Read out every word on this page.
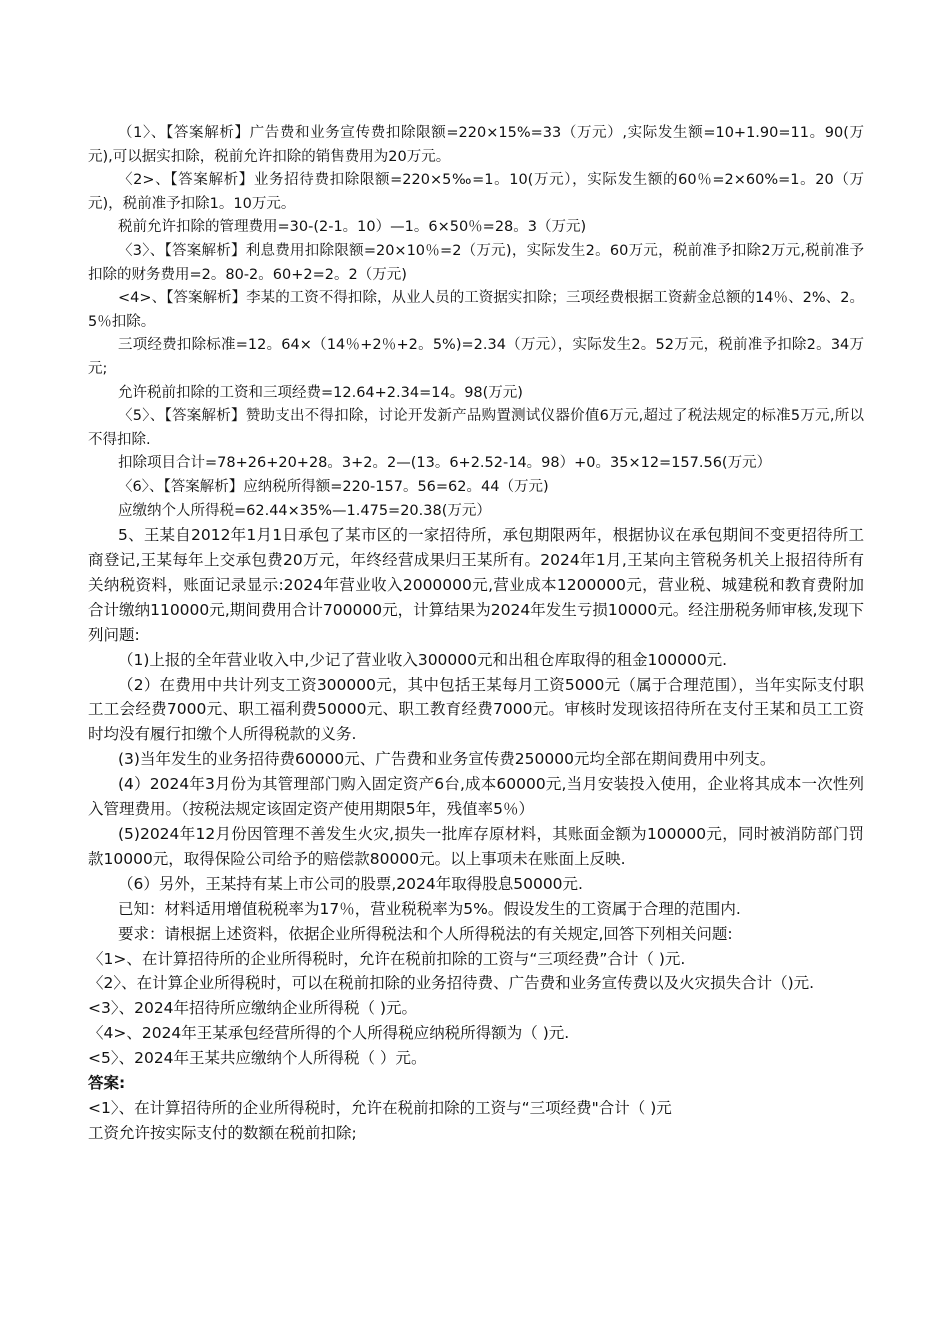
（1〉、【答案解析】广告费和业务宣传费扣除限额=220×15%=33（万元）,实际发生额=10+1.90=11。90(万元),可以据实扣除，税前允许扣除的销售费用为20万元。

〈2>、【答案解析】业务招待费扣除限额=220×5‰=1。10(万元），实际发生额的60％=2×60%=1。20（万元)，税前准予扣除1。10万元。

税前允许扣除的管理费用=30-(2-1。10）—1。6×50％=28。3（万元)

〈3〉、【答案解析】利息费用扣除限额=20×10％=2（万元)，实际发生2。60万元，税前准予扣除2万元,税前准予扣除的财务费用=2。80-2。60+2=2。2（万元)

<4>、【答案解析】李某的工资不得扣除，从业人员的工资据实扣除；三项经费根据工资薪金总额的14％、2%、2。5％扣除。

三项经费扣除标准=12。64×（14％+2％+2。5%)=2.34（万元），实际发生2。52万元，税前准予扣除2。34万元;

允许税前扣除的工资和三项经费=12.64+2.34=14。98(万元)

〈5〉、【答案解析】赞助支出不得扣除，讨论开发新产品购置测试仪器价值6万元,超过了税法规定的标准5万元,所以不得扣除.

扣除项目合计=78+26+20+28。3+2。2—(13。6+2.52-14。98）+0。35×12=157.56(万元）

〈6〉、【答案解析】应纳税所得额=220-157。56=62。44（万元)

应缴纳个人所得税=62.44×35%—1.475=20.38(万元）

5、王某自2012年1月1日承包了某市区的一家招待所，承包期限两年，根据协议在承包期间不变更招待所工商登记,王某每年上交承包费20万元，年终经营成果归王某所有。2024年1月,王某向主管税务机关上报招待所有关纳税资料，账面记录显示:2024年营业收入2000000元,营业成本1200000元，营业税、城建税和教育费附加合计缴纳110000元,期间费用合计700000元，计算结果为2024年发生亏损10000元。经注册税务师审核,发现下列问题:

（1)上报的全年营业收入中,少记了营业收入300000元和出租仓库取得的租金100000元.

（2）在费用中共计列支工资300000元，其中包括王某每月工资5000元（属于合理范围），当年实际支付职工工会经费7000元、职工福利费50000元、职工教育经费7000元。审核时发现该招待所在支付王某和员工工资时均没有履行扣缴个人所得税款的义务.

(3)当年发生的业务招待费60000元、广告费和业务宣传费250000元均全部在期间费用中列支。

(4）2024年3月份为其管理部门购入固定资产6台,成本60000元,当月安装投入使用，企业将其成本一次性列入管理费用。（按税法规定该固定资产使用期限5年，残值率5％）

(5)2024年12月份因管理不善发生火灾,损失一批库存原材料，其账面金额为100000元，同时被消防部门罚款10000元，取得保险公司给予的赔偿款80000元。以上事项未在账面上反映.

（6）另外，王某持有某上市公司的股票,2024年取得股息50000元.

已知：材料适用增值税税率为17％，营业税税率为5%。假设发生的工资属于合理的范围内.

要求：请根据上述资料，依据企业所得税法和个人所得税法的有关规定,回答下列相关问题:

〈1>、在计算招待所的企业所得税时，允许在税前扣除的工资与“三项经费”合计（ )元.

〈2〉、在计算企业所得税时，可以在税前扣除的业务招待费、广告费和业务宣传费以及火灾损失合计（)元.

<3〉、2024年招待所应缴纳企业所得税（ )元。

〈4>、2024年王某承包经营所得的个人所得税应纳税所得额为（ )元.

<5〉、2024年王某共应缴纳个人所得税（ ）元。

答案:

<1〉、在计算招待所的企业所得税时，允许在税前扣除的工资与“三项经费"合计（ )元

工资允许按实际支付的数额在税前扣除;
